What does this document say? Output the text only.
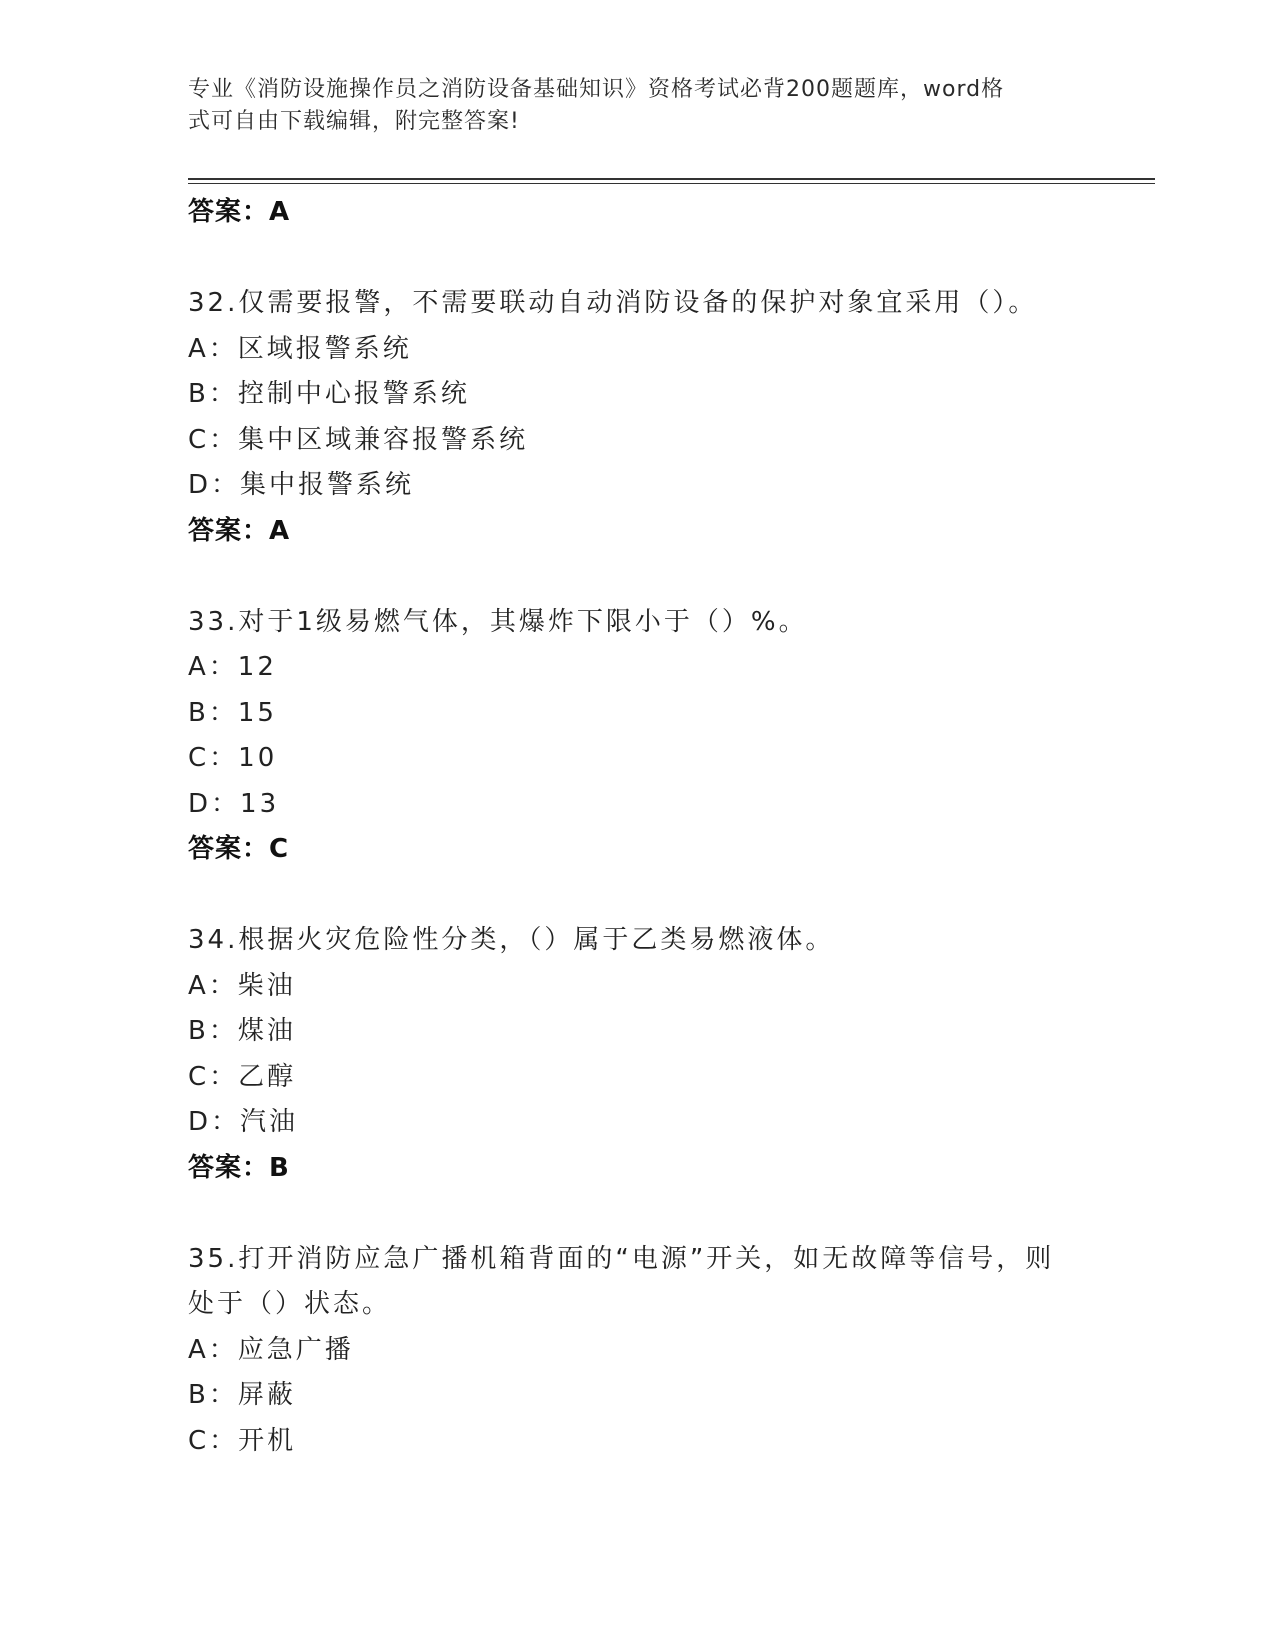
专业《消防设施操作员之消防设备基础知识》资格考试必背200题题库，word格
式可自由下载编辑，附完整答案!
答案：A
32.仅需要报警，不需要联动自动消防设备的保护对象宜采用（）。
A：区域报警系统
B：控制中心报警系统
C：集中区域兼容报警系统
D：集中报警系统
答案：A
33.对于1级易燃气体，其爆炸下限小于（）%。
A：12
B：15
C：10
D：13
答案：C
34.根据火灾危险性分类，（）属于乙类易燃液体。
A：柴油
B：煤油
C：乙醇
D：汽油
答案：B
35.打开消防应急广播机箱背面的“电源”开关，如无故障等信号，则
处于（）状态。
A：应急广播
B：屏蔽
C：开机
